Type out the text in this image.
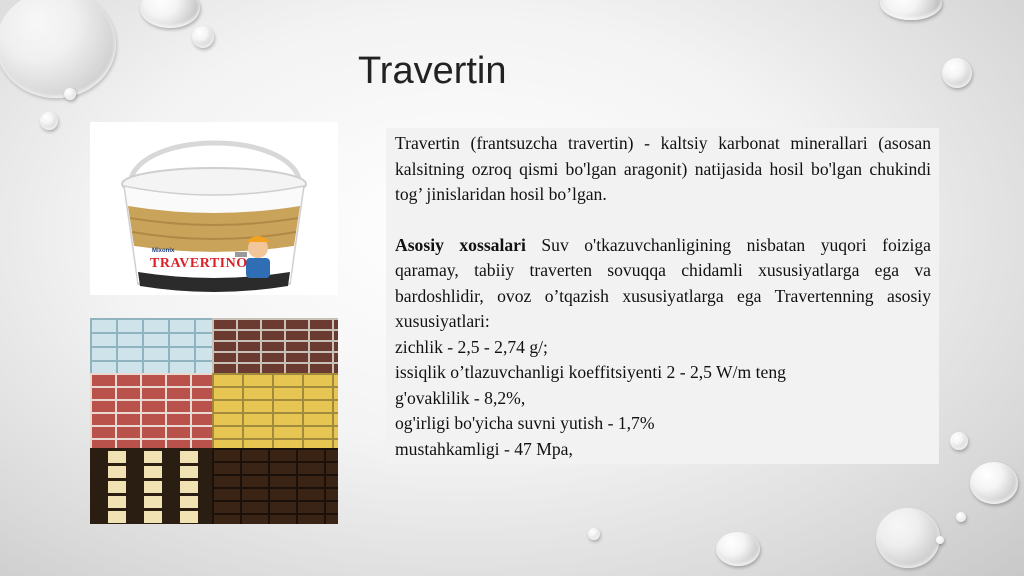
Travertin
Mixonix
TRAVERTINO

Travertin (frantsuzcha travertin) - kaltsiy karbonat minerallari (asosan kalsitning ozroq qismi bo'lgan aragonit) natijasida hosil bo'lgan chukindi tog’ jinislaridan hosil bo’lgan.

Asosiy xossalari Suv o'tkazuvchanligining nisbatan yuqori foiziga qaramay, tabiiy traverten sovuqqa chidamli xususiyatlarga ega va bardoshlidir, ovoz o’tqazish xususiyatlarga ega Travertenning asosiy xususiyatlari:

zichlik - 2,5 - 2,74 g/;

issiqlik o’tlazuvchanligi koeffitsiyenti 2 - 2,5 W/m teng

g'ovaklilik - 8,2%,

og'irligi bo'yicha suvni yutish - 1,7%

mustahkamligi - 47 Mpa,
